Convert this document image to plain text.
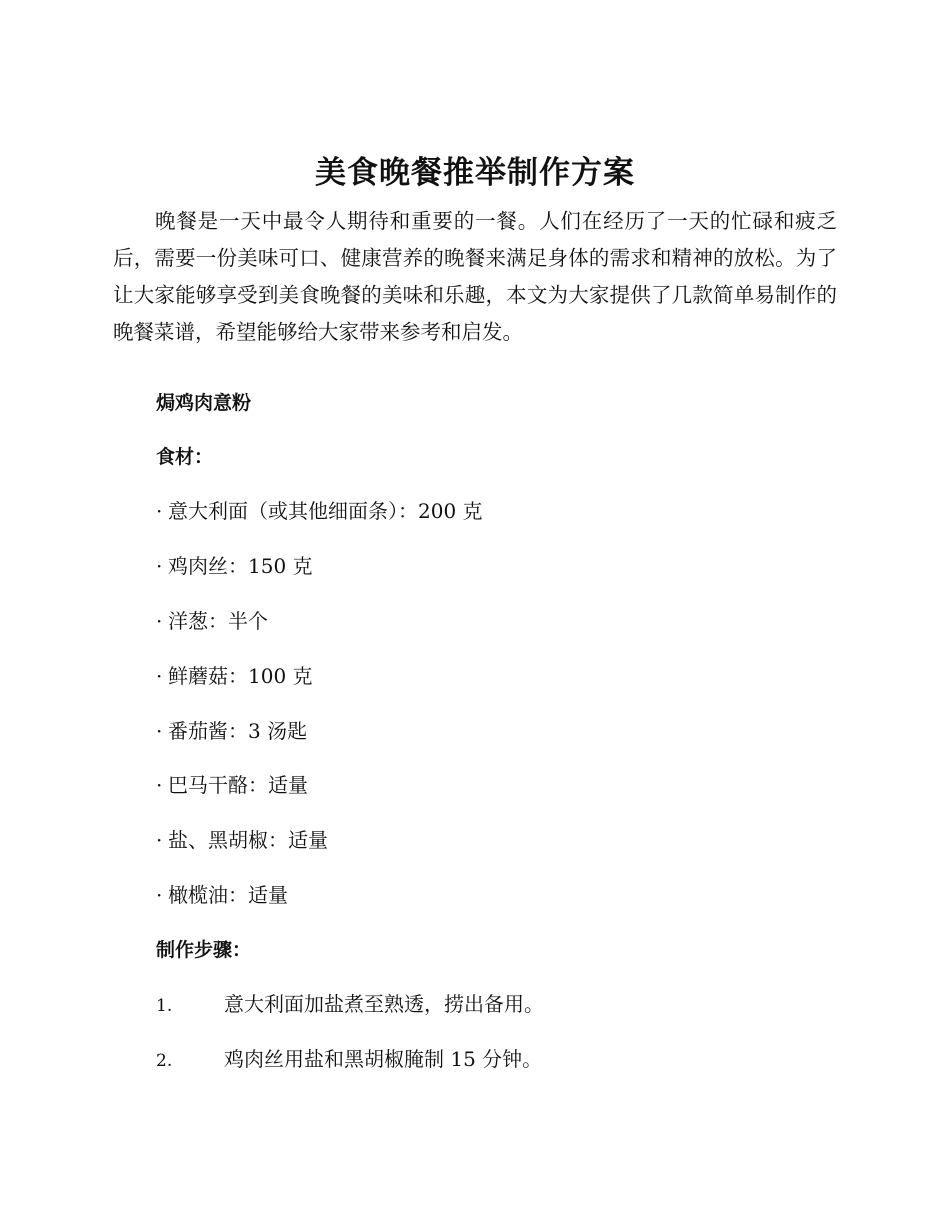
美食晚餐推举制作方案

晚餐是一天中最令人期待和重要的一餐。人们在经历了一天的忙碌和疲乏后，需要一份美味可口、健康营养的晚餐来满足身体的需求和精神的放松。为了让大家能够享受到美食晚餐的美味和乐趣，本文为大家提供了几款简单易制作的晚餐菜谱，希望能够给大家带来参考和启发。

焗鸡肉意粉

食材：

· 意大利面（或其他细面条）：200 克

· 鸡肉丝：150 克

· 洋葱：半个

· 鲜蘑菇：100 克

· 番茄酱：3 汤匙

· 巴马干酪：适量

· 盐、黑胡椒：适量

· 橄榄油：适量

制作步骤：

1.	意大利面加盐煮至熟透，捞出备用。

2.	鸡肉丝用盐和黑胡椒腌制 15 分钟。
